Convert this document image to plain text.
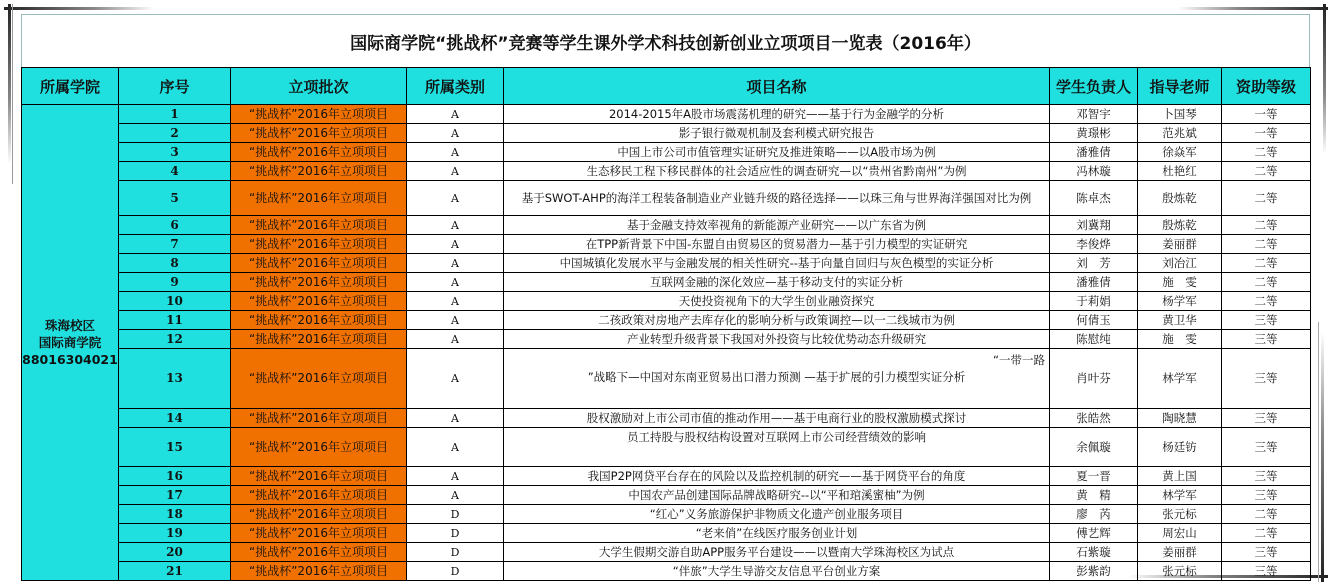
国际商学院“挑战杯”竞赛等学生课外学术科技创新创业立项项目一览表（2016年）
所属学院	序号	立项批次	所属类别	项目名称	学生负责人	指导老师	资助等级

珠海校区
国际商学院
88016304021	1	“挑战杯”2016年立项项目	A	2014-2015年A股市场震荡机理的研究——基于行为金融学的分析	邓智宇	卜国琴	一等
	2	“挑战杯”2016年立项项目	A	影子银行微观机制及套利模式研究报告	黄璟彬	范兆斌	一等
	3	“挑战杯”2016年立项项目	A	中国上市公司市值管理实证研究及推进策略——以A股市场为例	潘雅倩	徐焱军	二等
	4	“挑战杯”2016年立项项目	A	生态移民工程下移民群体的社会适应性的调查研究—以“贵州省黔南州”为例	冯林璇	杜艳红	二等
	5	“挑战杯”2016年立项项目	A	基于SWOT-AHP的海洋工程装备制造业产业链升级的路径选择——以珠三角与世界海洋强国对比为例	陈卓杰	殷炼乾	二等
	6	“挑战杯”2016年立项项目	A	基于金融支持效率视角的新能源产业研究——以广东省为例	刘冀翔	殷炼乾	二等
	7	“挑战杯”2016年立项项目	A	在TPP新背景下中国-东盟自由贸易区的贸易潜力—基于引力模型的实证研究	李俊烨	姜丽群	二等
	8	“挑战杯”2016年立项项目	A	中国城镇化发展水平与金融发展的相关性研究--基于向量自回归与灰色模型的实证分析	刘　芳	刘冶江	二等
	9	“挑战杯”2016年立项项目	A	互联网金融的深化效应—基于移动支付的实证分析	潘雅倩	施　雯	二等
	10	“挑战杯”2016年立项项目	A	天使投资视角下的大学生创业融资探究	于莉娟	杨学军	二等
	11	“挑战杯”2016年立项项目	A	二孩政策对房地产去库存化的影响分析与政策调控—以一二线城市为例	何倩玉	黄卫华	三等
	12	“挑战杯”2016年立项项目	A	产业转型升级背景下我国对外投资与比较优势动态升级研究	陈慰纯	施　雯	三等
	13	“挑战杯”2016年立项项目	A	“一带一路
”战略下—中国对东南亚贸易出口潜力预测 —基于扩展的引力模型实证分析	肖叶芬	林学军	三等
	14	“挑战杯”2016年立项项目	A	股权激励对上市公司市值的推动作用——基于电商行业的股权激励模式探讨	张皓然	陶晓慧	三等
	15	“挑战杯”2016年立项项目	A	员工持股与股权结构设置对互联网上市公司经营绩效的影响	余佩璇	杨廷钫	三等
	16	“挑战杯”2016年立项项目	A	我国P2P网贷平台存在的风险以及监控机制的研究——基于网贷平台的角度	夏一晋	黄上国	三等
	17	“挑战杯”2016年立项项目	A	中国农产品创建国际品牌战略研究--以“平和琯溪蜜柚”为例	黄　精	林学军	三等
	18	“挑战杯”2016年立项项目	D	“红心”义务旅游保护非物质文化遗产创业服务项目	廖　芮	张元标	二等
	19	“挑战杯”2016年立项项目	D	“老来俏”在线医疗服务创业计划	傅艺辉	周宏山	二等
	20	“挑战杯”2016年立项项目	D	大学生假期交游自助APP服务平台建设——以暨南大学珠海校区为试点	石紫璇	姜丽群	三等
	21	“挑战杯”2016年立项项目	D	“伴旅”大学生导游交友信息平台创业方案	彭紫韵	张元标	三等
